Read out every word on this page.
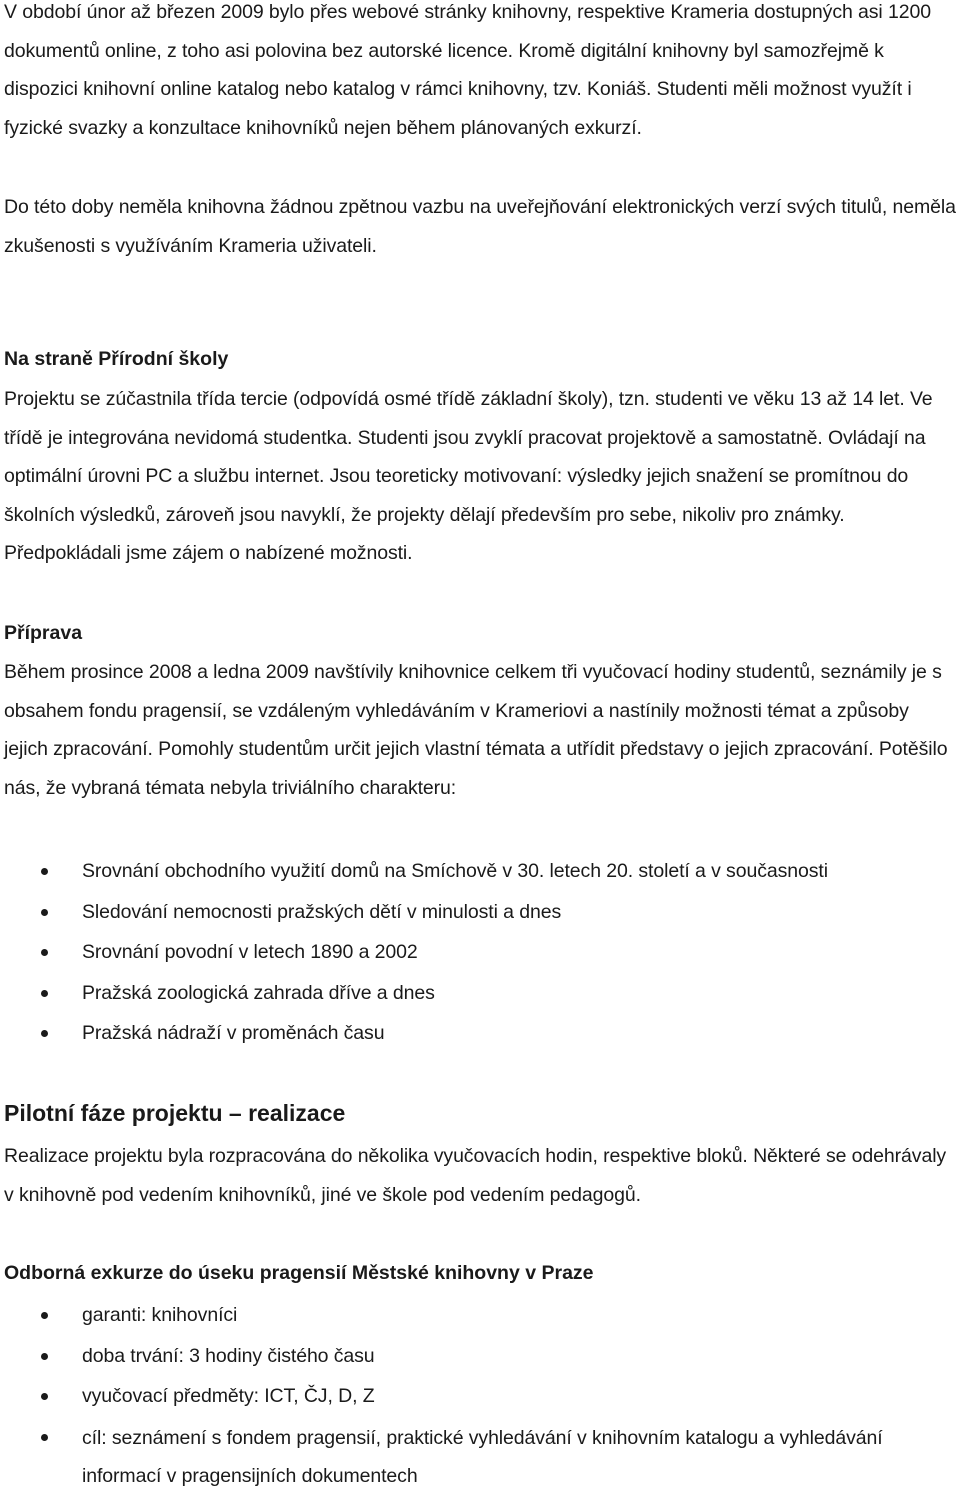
V období únor až březen 2009 bylo přes webové stránky knihovny, respektive Krameria dostupných asi 1200 dokumentů online, z toho asi polovina bez autorské licence. Kromě digitální knihovny byl samozřejmě k dispozici knihovní online katalog nebo katalog v rámci knihovny, tzv. Koniáš. Studenti měli možnost využít i fyzické svazky a konzultace knihovníků nejen během plánovaných exkurzí.

Do této doby neměla knihovna žádnou zpětnou vazbu na uveřejňování elektronických verzí svých titulů, neměla zkušenosti s využíváním Krameria uživateli.

Na straně Přírodní školy

Projektu se zúčastnila třída tercie (odpovídá osmé třídě základní školy), tzn. studenti ve věku 13 až 14 let. Ve třídě je integrována nevidomá studentka. Studenti jsou zvyklí pracovat projektově a samostatně. Ovládají na optimální úrovni PC a službu internet. Jsou teoreticky motivovaní: výsledky jejich snažení se promítnou do školních výsledků, zároveň jsou navyklí, že projekty dělají především pro sebe, nikoliv pro známky. Předpokládali jsme zájem o nabízené možnosti.

Příprava

Během prosince 2008 a ledna 2009 navštívily knihovnice celkem tři vyučovací hodiny studentů, seznámily je s obsahem fondu pragensií, se vzdáleným vyhledáváním v Krameriovi a nastínily možnosti témat a způsoby jejich zpracování. Pomohly studentům určit jejich vlastní témata a utřídit představy o jejich zpracování. Potěšilo nás, že vybraná témata nebyla triviálního charakteru:

Srovnání obchodního využití domů na Smíchově v 30. letech 20. století a v současnosti
Sledování nemocnosti pražských dětí v minulosti a dnes
Srovnání povodní v letech 1890 a 2002
Pražská zoologická zahrada dříve a dnes
Pražská nádraží v proměnách času
Pilotní fáze projektu – realizace

Realizace projektu byla rozpracována do několika vyučovacích hodin, respektive bloků. Některé se odehrávaly v knihovně pod vedením knihovníků, jiné ve škole pod vedením pedagogů.

Odborná exkurze do úseku pragensií Městské knihovny v Praze
garanti: knihovníci
doba trvání: 3 hodiny čistého času
vyučovací předměty: ICT, ČJ, D, Z
cíl: seznámení s fondem pragensií, praktické vyhledávání v knihovním katalogu a vyhledávání informací v pragensijních dokumentech
